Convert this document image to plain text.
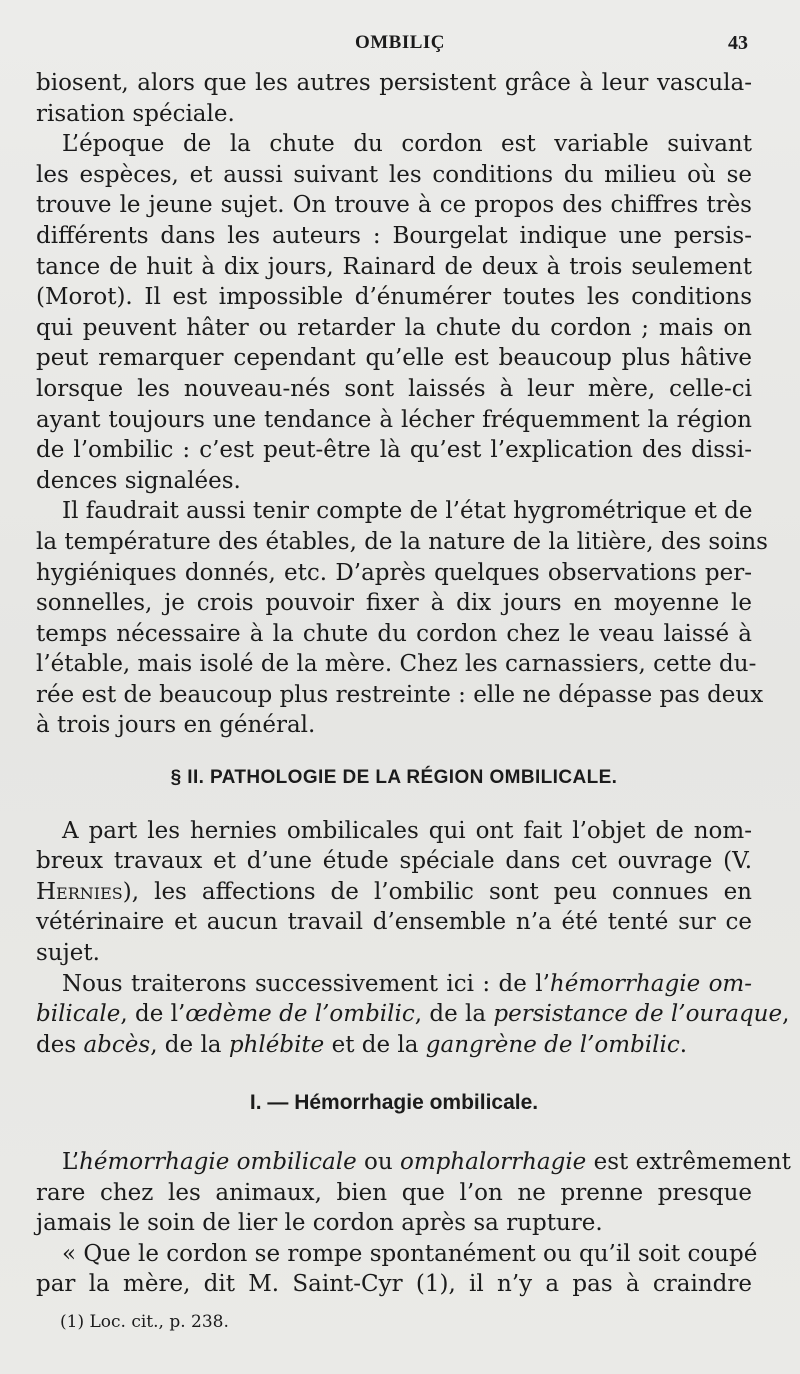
OMBILIÇ	43
biosent, alors que les autres persistent grâce à leur vascula-
risation spéciale.
L’époque de la chute du cordon est variable suivant
les espèces, et aussi suivant les conditions du milieu où se
trouve le jeune sujet. On trouve à ce propos des chiffres très
différents dans les auteurs : Bourgelat indique une persis-
tance de huit à dix jours, Rainard de deux à trois seulement
(Morot). Il est impossible d’énumérer toutes les conditions
qui peuvent hâter ou retarder la chute du cordon ; mais on
peut remarquer cependant qu’elle est beaucoup plus hâtive
lorsque les nouveau-nés sont laissés à leur mère, celle-ci
ayant toujours une tendance à lécher fréquemment la région
de l’ombilic : c’est peut-être là qu’est l’explication des dissi-
dences signalées.
Il faudrait aussi tenir compte de l’état hygrométrique et de
la température des étables, de la nature de la litière, des soins
hygiéniques donnés, etc. D’après quelques observations per-
sonnelles, je crois pouvoir fixer à dix jours en moyenne le
temps nécessaire à la chute du cordon chez le veau laissé à
l’étable, mais isolé de la mère. Chez les carnassiers, cette du-
rée est de beaucoup plus restreinte : elle ne dépasse pas deux
à trois jours en général.
§ II. PATHOLOGIE DE LA RÉGION OMBILICALE.
A part les hernies ombilicales qui ont fait l’objet de nom-
breux travaux et d’une étude spéciale dans cet ouvrage (V.
Hernies), les affections de l’ombilic sont peu connues en
vétérinaire et aucun travail d’ensemble n’a été tenté sur ce
sujet.
Nous traiterons successivement ici : de l’hémorrhagie om-
bilicale, de l’œdème de l’ombilic, de la persistance de l’ouraque,
des abcès, de la phlébite et de la gangrène de l’ombilic.
I. — Hémorrhagie ombilicale.
L’hémorrhagie ombilicale ou omphalorrhagie est extrêmement
rare chez les animaux, bien que l’on ne prenne presque
jamais le soin de lier le cordon après sa rupture.
« Que le cordon se rompe spontanément ou qu’il soit coupé
par la mère, dit M. Saint-Cyr (1), il n’y a pas à craindre
(1) Loc. cit., p. 238.
